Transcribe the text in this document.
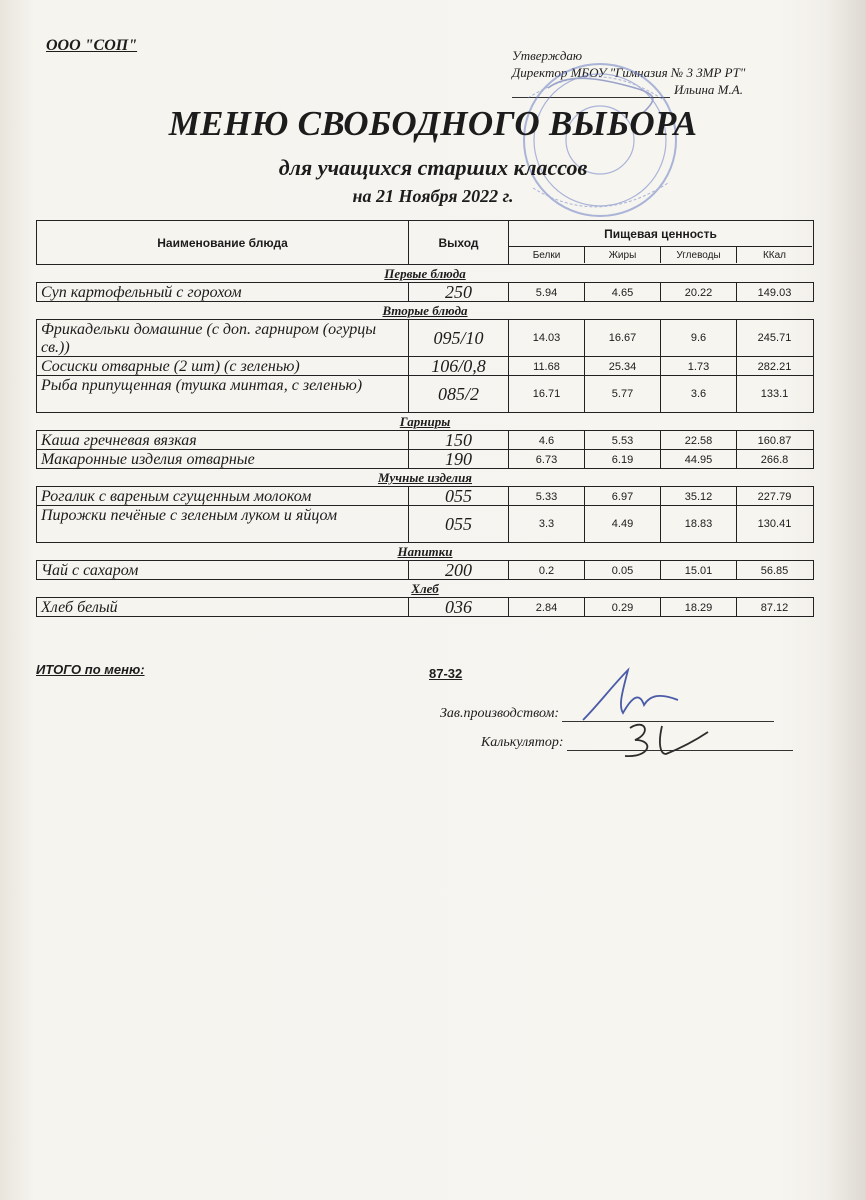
ООО "СОП"
Утверждаю
Директор МБОУ "Гимназия № 3 ЗМР РТ"
Ильина М.А.
МЕНЮ СВОБОДНОГО ВЫБОРА
для учащихся старших классов
на 21 Ноября 2022 г.
Наименование блюда	Выход
Пищевая ценность
Белки	Жиры	Углеводы	ККал
Первые блюда
Суп картофельный с горохом	250	5.94	4.65	20.22	149.03
Вторые блюда
Фрикадельки домашние (с доп. гарниром (огурцы св.))	095/10	14.03	16.67	9.6	245.71
Сосиски отварные (2 шт) (с зеленью)	106/0,8	11.68	25.34	1.73	282.21
Рыба припущенная (тушка минтая, с зеленью)	085/2	16.71	5.77	3.6	133.1
Гарниры
Каша гречневая вязкая	150	4.6	5.53	22.58	160.87
Макаронные изделия отварные	190	6.73	6.19	44.95	266.8
Мучные изделия
Рогалик с вареным сгущенным молоком	055	5.33	6.97	35.12	227.79
Пирожки печёные с зеленым луком и яйцом	055	3.3	4.49	18.83	130.41
Напитки
Чай с сахаром	200	0.2	0.05	15.01	56.85
Хлеб
Хлеб белый	036	2.84	0.29	18.29	87.12
ИТОГО по меню:	87-32
Зав.производством:
Калькулятор:
